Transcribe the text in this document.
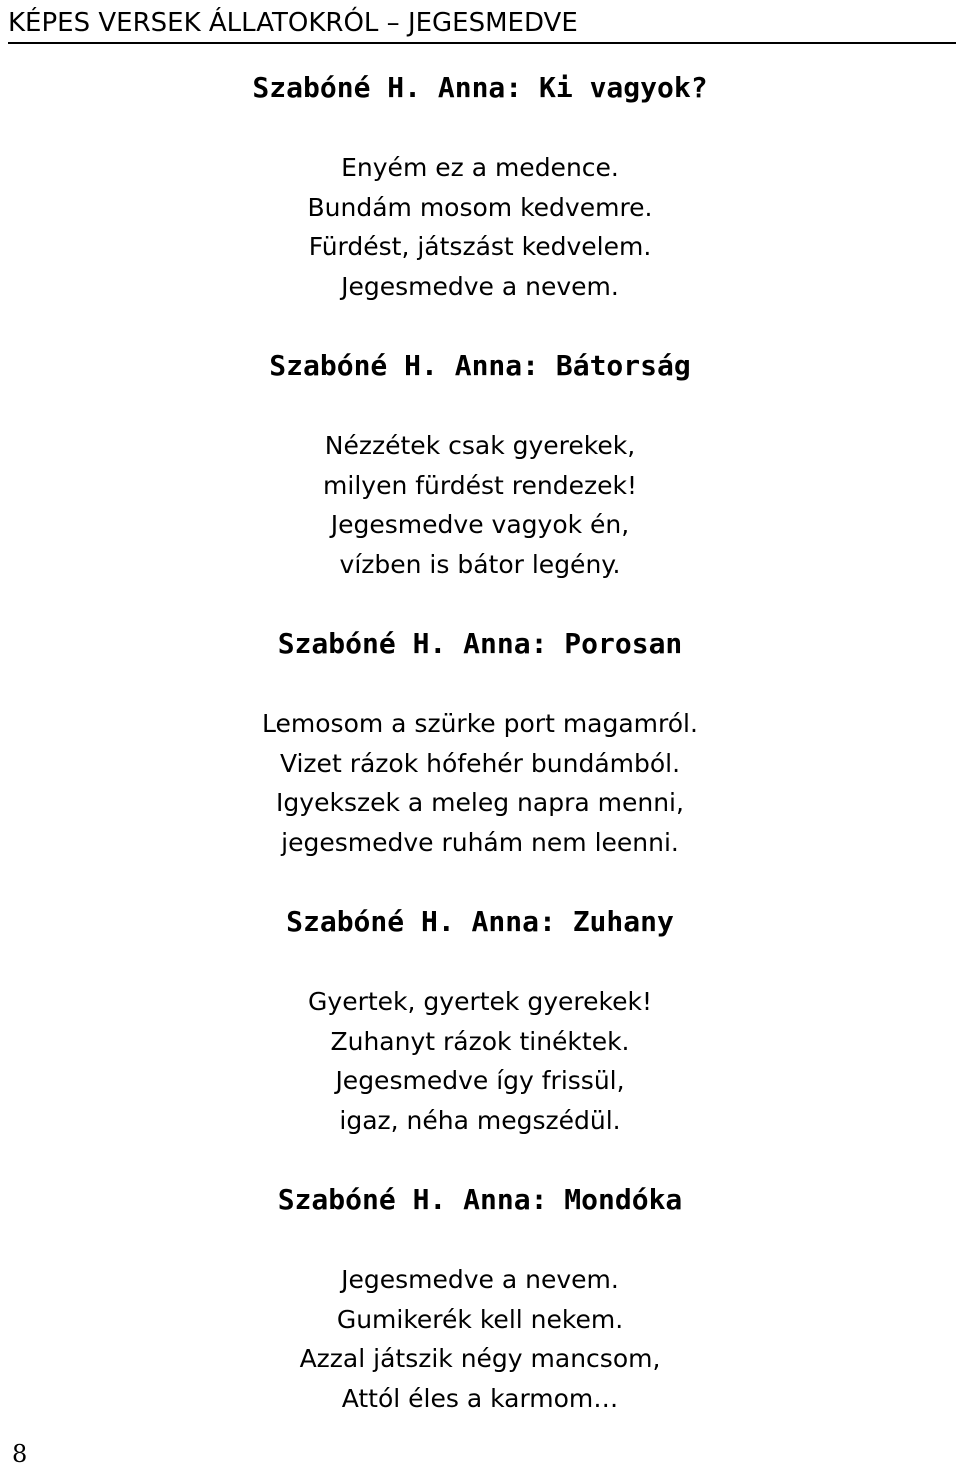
KÉPES VERSEK ÁLLATOKRÓL – JEGESMEDVE
Szabóné H. Anna: Ki vagyok?
Enyém ez a medence.
Bundám mosom kedvemre.
Fürdést, játszást kedvelem.
Jegesmedve a nevem.
Szabóné H. Anna: Bátorság
Nézzétek csak gyerekek,
milyen fürdést rendezek!
Jegesmedve vagyok én,
vízben is bátor legény.
Szabóné H. Anna: Porosan
Lemosom a szürke port magamról.
Vizet rázok hófehér bundámból.
Igyekszek a meleg napra menni,
jegesmedve ruhám nem leenni.
Szabóné H. Anna: Zuhany
Gyertek, gyertek gyerekek!
Zuhanyt rázok tinéktek.
Jegesmedve így frissül,
igaz, néha megszédül.
Szabóné H. Anna: Mondóka
Jegesmedve a nevem.
Gumikerék kell nekem.
Azzal játszik négy mancsom,
Attól éles a karmom…
8
